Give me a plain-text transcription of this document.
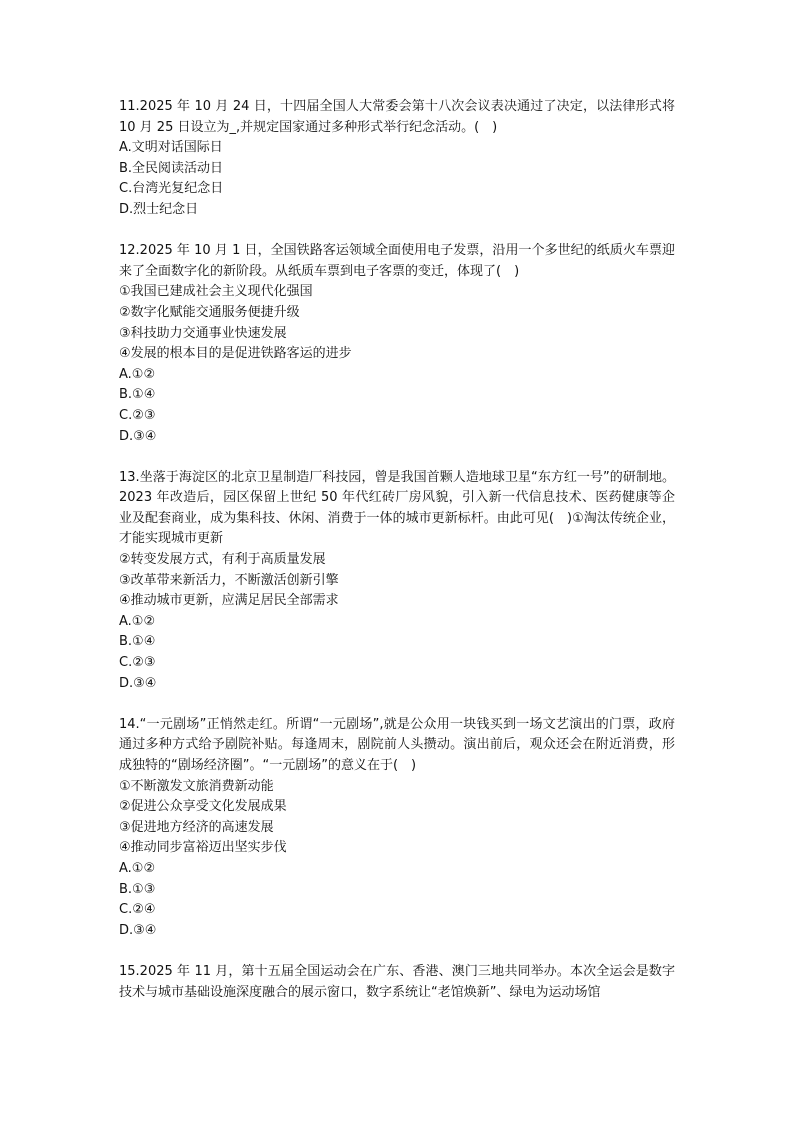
11.2025 年 10 月 24 日，十四届全国人大常委会第十八次会议表决通过了决定，以法律形式将 10 月 25 日设立为_,并规定国家通过多种形式举行纪念活动。(　)

A.文明对话国际日
B.全民阅读活动日
C.台湾光复纪念日
D.烈士纪念日

12.2025 年 10 月 1 日，全国铁路客运领域全面使用电子发票，沿用一个多世纪的纸质火车票迎来了全面数字化的新阶段。从纸质车票到电子客票的变迁，体现了(　)

①我国已建成社会主义现代化强国
②数字化赋能交通服务便捷升级
③科技助力交通事业快速发展
④发展的根本目的是促进铁路客运的进步
A.①②
B.①④
C.②③
D.③④

13.坐落于海淀区的北京卫星制造厂科技园，曾是我国首颗人造地球卫星“东方红一号”的研制地。2023 年改造后，园区保留上世纪 50 年代红砖厂房风貌，引入新一代信息技术、医药健康等企业及配套商业，成为集科技、休闲、消费于一体的城市更新标杆。由此可见(　)①淘汰传统企业，才能实现城市更新

②转变发展方式，有利于高质量发展
③改革带来新活力，不断激活创新引擎
④推动城市更新，应满足居民全部需求
A.①②
B.①④
C.②③
D.③④

14.“一元剧场”正悄然走红。所谓“一元剧场”,就是公众用一块钱买到一场文艺演出的门票，政府通过多种方式给予剧院补贴。每逢周末，剧院前人头攒动。演出前后，观众还会在附近消费，形成独特的“剧场经济圈”。“一元剧场”的意义在于(　)

①不断激发文旅消费新动能
②促进公众享受文化发展成果
③促进地方经济的高速发展
④推动同步富裕迈出坚实步伐
A.①②
B.①③
C.②④
D.③④

15.2025 年 11 月，第十五届全国运动会在广东、香港、澳门三地共同举办。本次全运会是数字技术与城市基础设施深度融合的展示窗口，数字系统让“老馆焕新”、绿电为运动场馆
